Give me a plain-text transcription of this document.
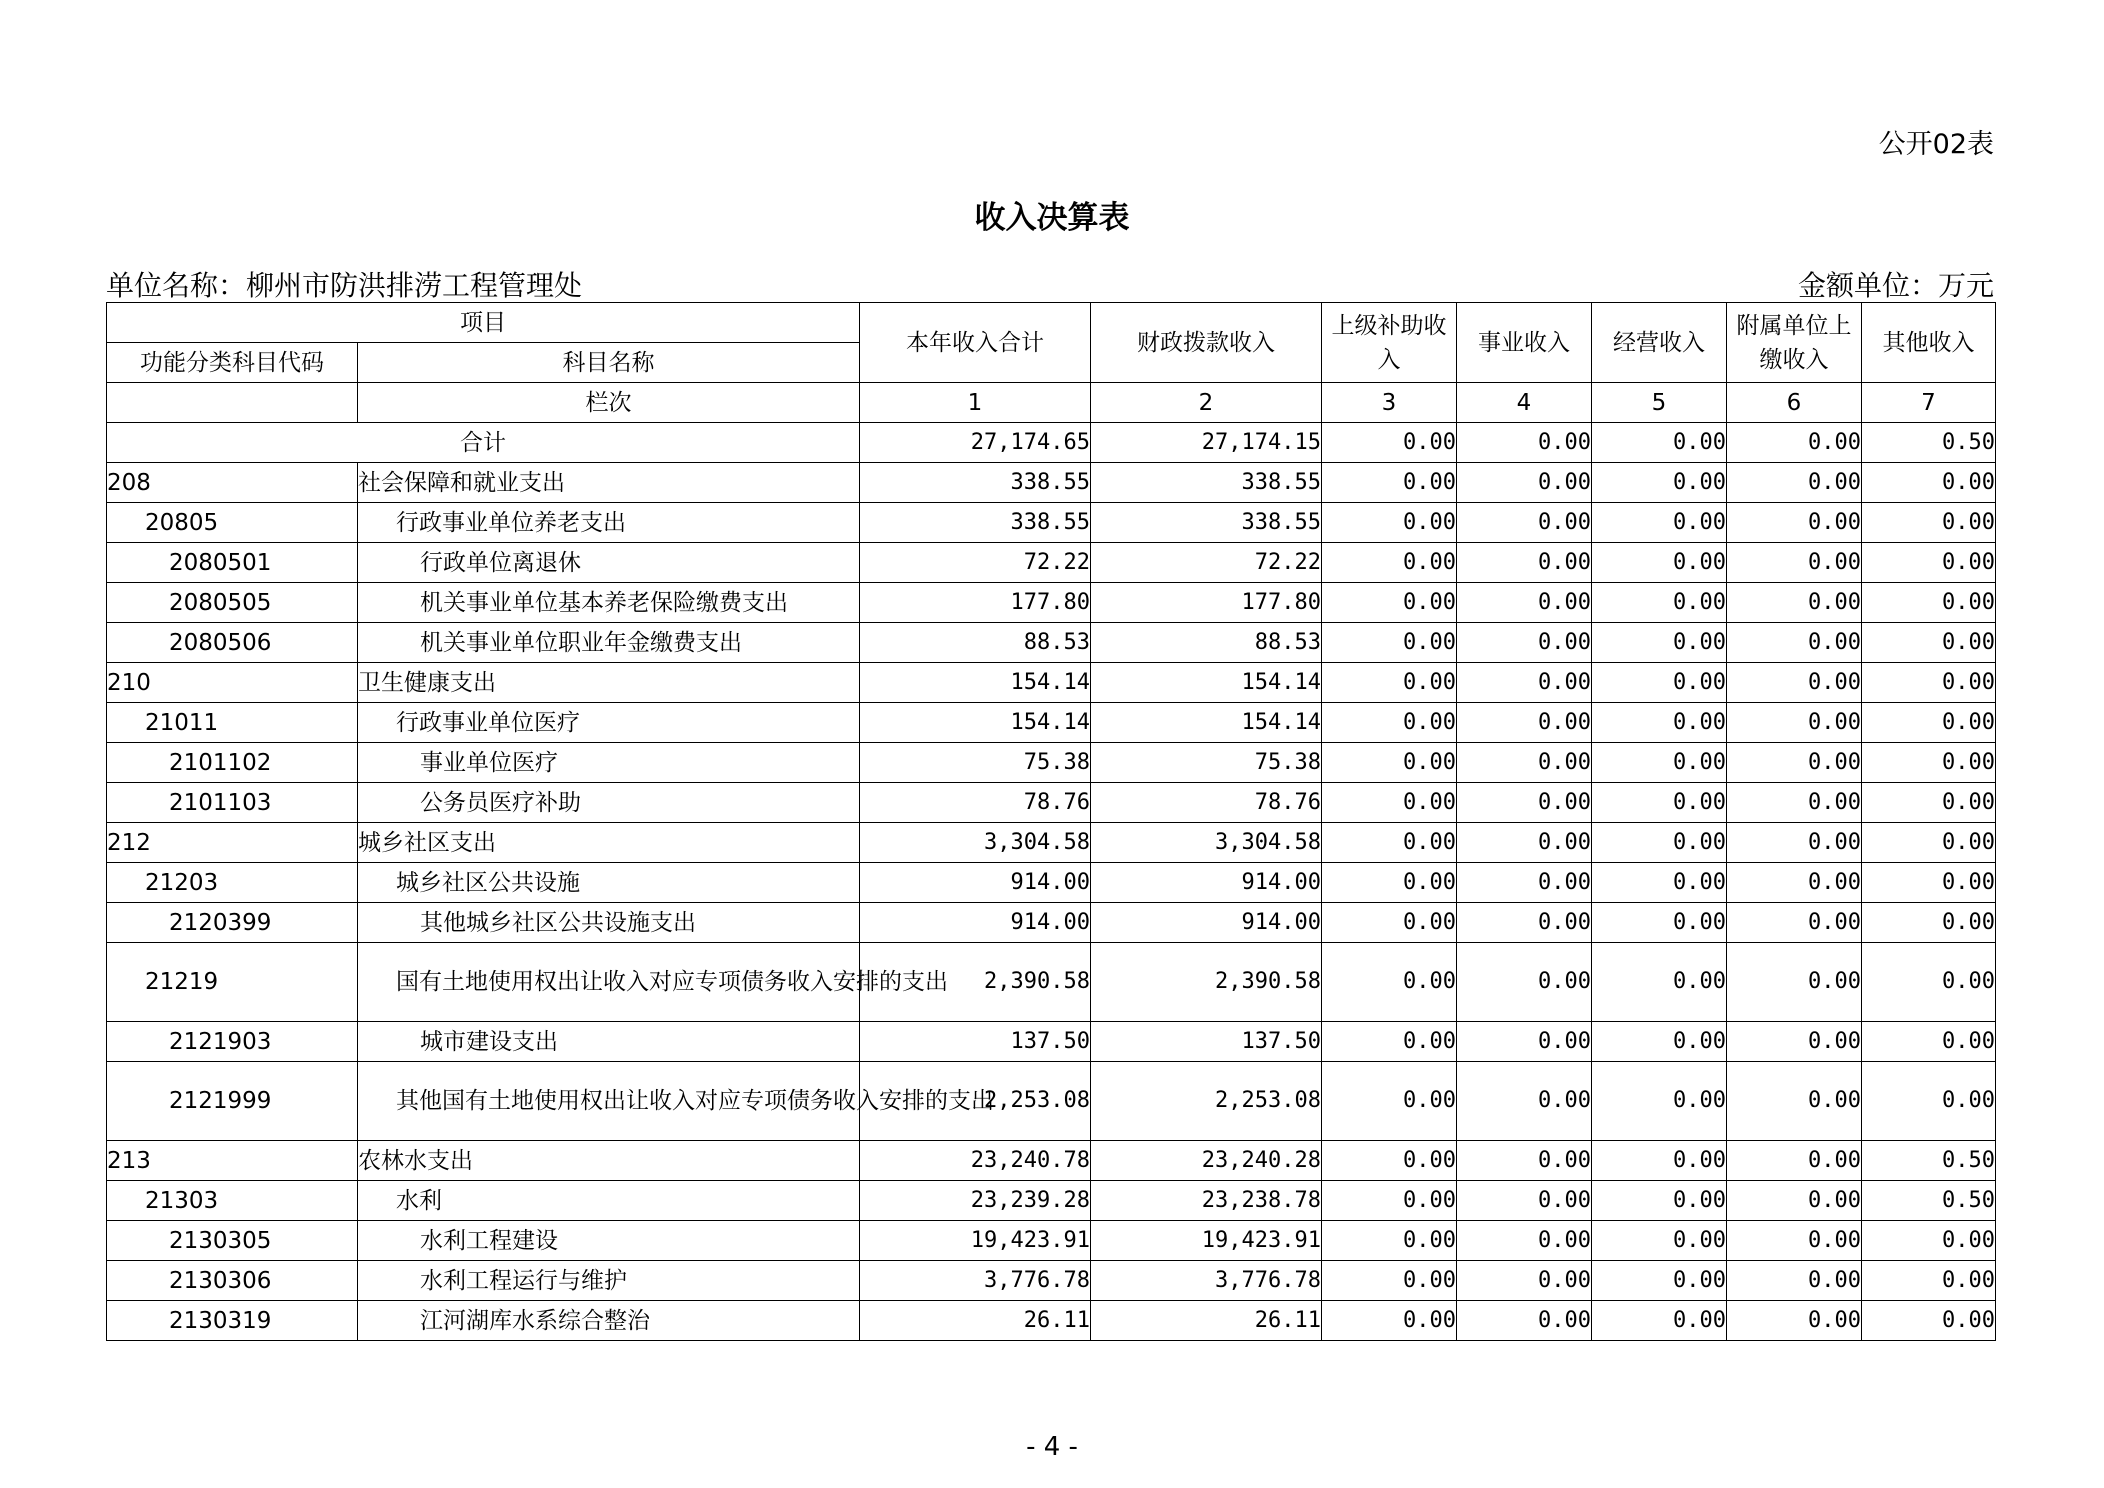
公开02表
收入决算表
单位名称：柳州市防洪排涝工程管理处	金额单位：万元
项目		本年收入合计	财政拨款收入	上级补助收入	事业收入	经营收入	附属单位上缴收入	其他收入
功能分类科目代码	科目名称							
	栏次	1	2	3	4	5	6	7
合计		27,174.65	27,174.15	0.00	0.00	0.00	0.00	0.50
208	社会保障和就业支出	338.55	338.55	0.00	0.00	0.00	0.00	0.00
20805	行政事业单位养老支出	338.55	338.55	0.00	0.00	0.00	0.00	0.00
2080501	行政单位离退休	72.22	72.22	0.00	0.00	0.00	0.00	0.00
2080505	机关事业单位基本养老保险缴费支出	177.80	177.80	0.00	0.00	0.00	0.00	0.00
2080506	机关事业单位职业年金缴费支出	88.53	88.53	0.00	0.00	0.00	0.00	0.00
210	卫生健康支出	154.14	154.14	0.00	0.00	0.00	0.00	0.00
21011	行政事业单位医疗	154.14	154.14	0.00	0.00	0.00	0.00	0.00
2101102	事业单位医疗	75.38	75.38	0.00	0.00	0.00	0.00	0.00
2101103	公务员医疗补助	78.76	78.76	0.00	0.00	0.00	0.00	0.00
212	城乡社区支出	3,304.58	3,304.58	0.00	0.00	0.00	0.00	0.00
21203	城乡社区公共设施	914.00	914.00	0.00	0.00	0.00	0.00	0.00
2120399	其他城乡社区公共设施支出	914.00	914.00	0.00	0.00	0.00	0.00	0.00
21219	国有土地使用权出让收入对应专项债务收入安排的支出	2,390.58	2,390.58	0.00	0.00	0.00	0.00	0.00
2121903	城市建设支出	137.50	137.50	0.00	0.00	0.00	0.00	0.00
2121999	其他国有土地使用权出让收入对应专项债务收入安排的支出	2,253.08	2,253.08	0.00	0.00	0.00	0.00	0.00
213	农林水支出	23,240.78	23,240.28	0.00	0.00	0.00	0.00	0.50
21303	水利	23,239.28	23,238.78	0.00	0.00	0.00	0.00	0.50
2130305	水利工程建设	19,423.91	19,423.91	0.00	0.00	0.00	0.00	0.00
2130306	水利工程运行与维护	3,776.78	3,776.78	0.00	0.00	0.00	0.00	0.00
2130319	江河湖库水系综合整治	26.11	26.11	0.00	0.00	0.00	0.00	0.00
- 4 -
